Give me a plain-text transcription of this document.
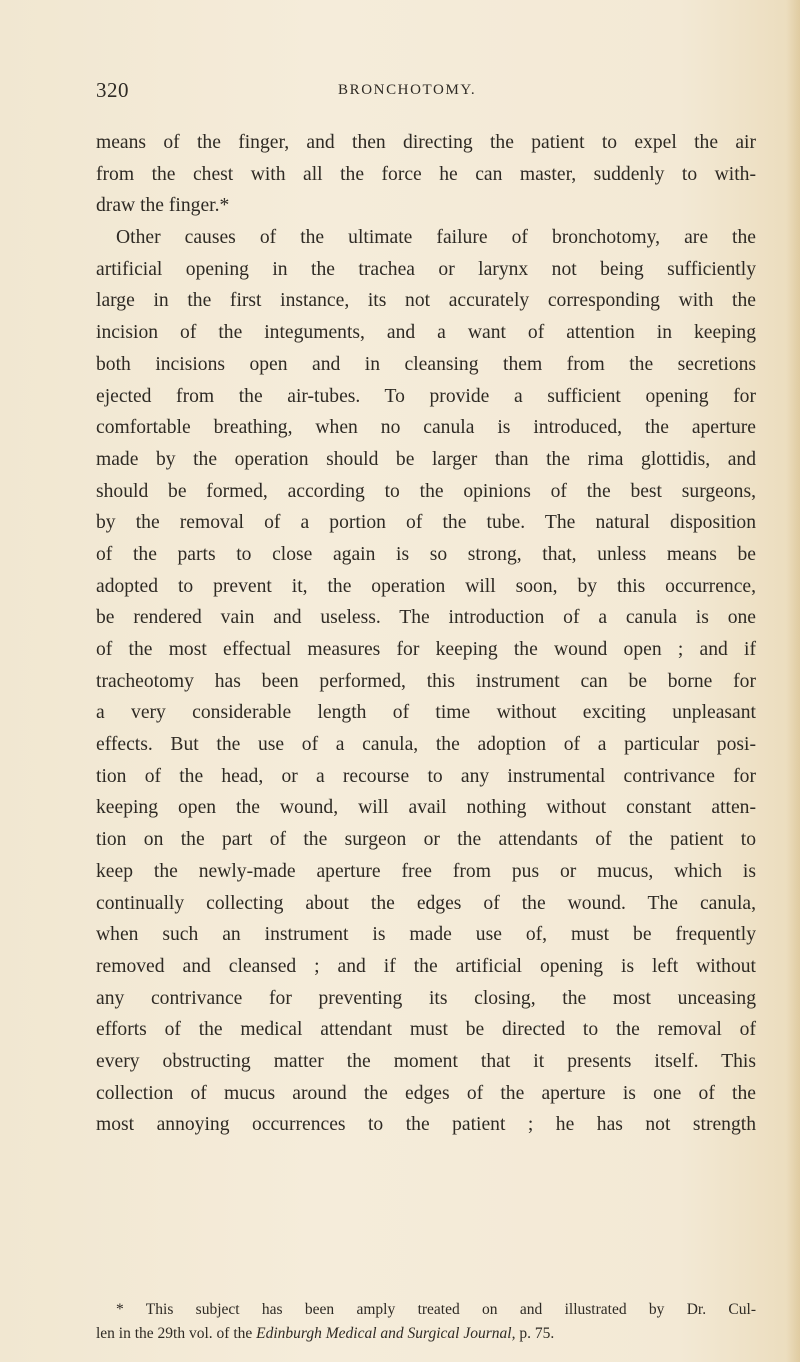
320	BRONCHOTOMY.
means of the finger, and then directing the patient to expel the air
from the chest with all the force he can master, suddenly to with-
draw the finger.*
Other causes of the ultimate failure of bronchotomy, are the
artificial opening in the trachea or larynx not being sufficiently
large in the first instance, its not accurately corresponding with the
incision of the integuments, and a want of attention in keeping
both incisions open and in cleansing them from the secretions
ejected from the air-tubes. To provide a sufficient opening for
comfortable breathing, when no canula is introduced, the aperture
made by the operation should be larger than the rima glottidis, and
should be formed, according to the opinions of the best surgeons,
by the removal of a portion of the tube. The natural disposition
of the parts to close again is so strong, that, unless means be
adopted to prevent it, the operation will soon, by this occurrence,
be rendered vain and useless. The introduction of a canula is one
of the most effectual measures for keeping the wound open ; and if
tracheotomy has been performed, this instrument can be borne for
a very considerable length of time without exciting unpleasant
effects. But the use of a canula, the adoption of a particular posi-
tion of the head, or a recourse to any instrumental contrivance for
keeping open the wound, will avail nothing without constant atten-
tion on the part of the surgeon or the attendants of the patient to
keep the newly-made aperture free from pus or mucus, which is
continually collecting about the edges of the wound. The canula,
when such an instrument is made use of, must be frequently
removed and cleansed ; and if the artificial opening is left without
any contrivance for preventing its closing, the most unceasing
efforts of the medical attendant must be directed to the removal of
every obstructing matter the moment that it presents itself. This
collection of mucus around the edges of the aperture is one of the
most annoying occurrences to the patient ; he has not strength
* This subject has been amply treated on and illustrated by Dr. Cul-
len in the 29th vol. of the Edinburgh Medical and Surgical Journal, p. 75.
